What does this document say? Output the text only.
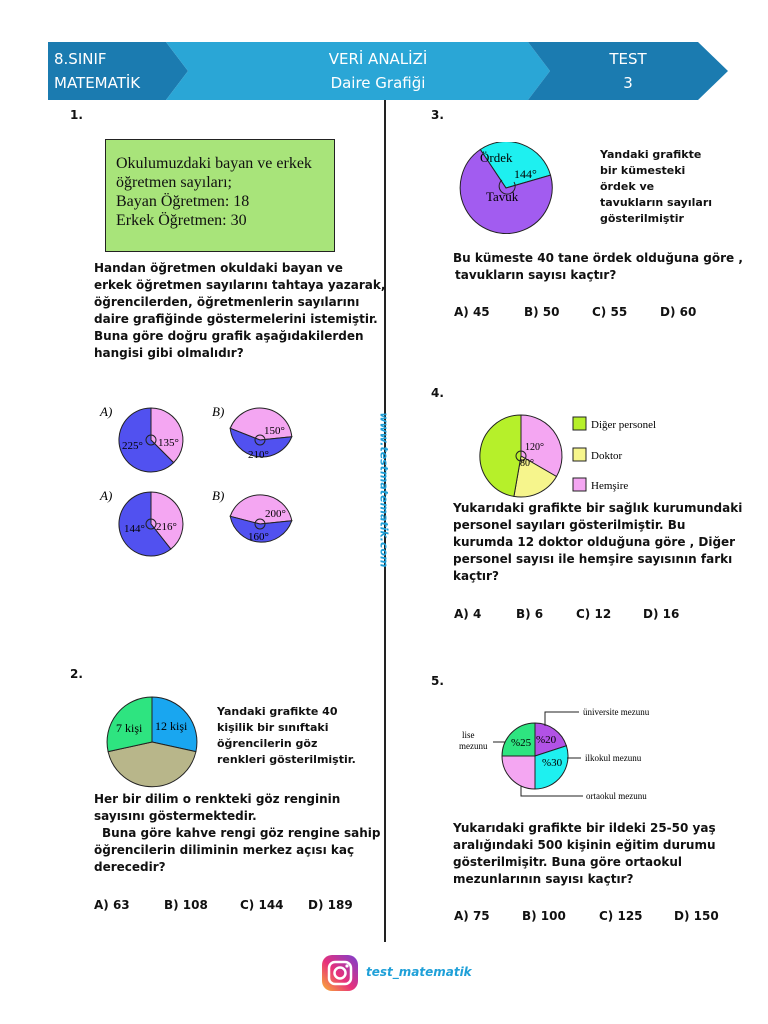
8.SINIF
MATEMATİK
VERİ ANALİZİ
Daire Grafiği
TEST
3
www.testmatematik.com
1.
Okulumuzdaki bayan ve erkek
öğretmen sayıları;
Bayan Öğretmen: 18
Erkek Öğretmen: 30
Handan öğretmen okuldaki bayan ve
erkek öğretmen sayılarını tahtaya yazarak,
öğrencilerden, öğretmenlerin sayılarını
daire grafiğinde göstermelerini istemiştir.
Buna göre doğru grafik aşağıdakilerden
hangisi gibi olmalıdır?
A)
225° 135°
B)
150°
210°
A)
144° 216°
B)
200°
160°
2.
7 kişi 12 kişi
Yandaki grafikte 40
kişilik bir sınıftaki
öğrencilerin göz
renkleri gösterilmiştir.
Her bir dilim o renkteki göz renginin
sayısını göstermektedir.
Buna göre kahve rengi göz rengine sahip
öğrencilerin diliminin merkez açısı kaç
derecedir?
A) 63	B) 108	C) 144 D) 189
3.
Ördek
144°
Tavuk
Yandaki grafikte
bir kümesteki
ördek ve
tavukların sayıları
gösterilmiştir
Bu kümeste 40 tane ördek olduğuna göre ,
tavukların sayısı kaçtır?
A) 45	B) 50	C) 55	D) 60
4.
120°
80°
Diğer personel
Doktor
Hemşire
Yukarıdaki grafikte bir sağlık kurumundaki
personel sayıları gösterilmiştir. Bu
kurumda 12 doktor olduğuna göre , Diğer
personel sayısı ile hemşire sayısının farkı
kaçtır?
A) 4	B) 6	C) 12	D) 16
5.
%25 %20
%30
üniversite mezunu
lise
mezunu
ilkokul mezunu
ortaokul mezunu
Yukarıdaki grafikte bir ildeki 25-50 yaş
aralığındaki 500 kişinin eğitim durumu
gösterilmişitr. Buna göre ortaokul
mezunlarının sayısı kaçtır?
A) 75	B) 100	C) 125	D) 150
test_matematik
